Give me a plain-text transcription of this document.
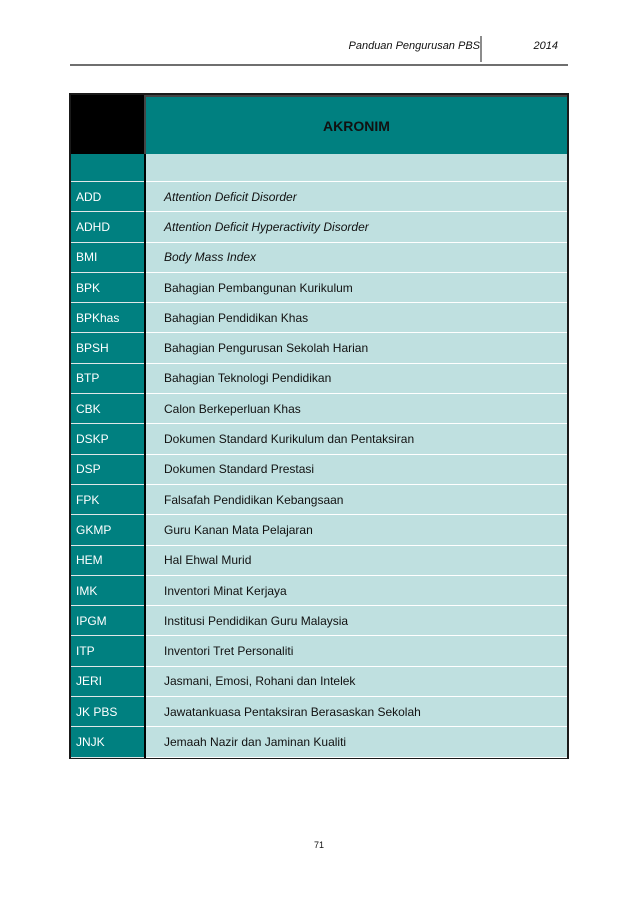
Panduan Pengurusan PBS	2014
	AKRONIM

ADD	Attention Deficit Disorder
ADHD	Attention Deficit Hyperactivity Disorder
BMI	Body Mass Index
BPK	Bahagian Pembangunan Kurikulum
BPKhas	Bahagian Pendidikan Khas
BPSH	Bahagian Pengurusan Sekolah Harian
BTP	Bahagian Teknologi Pendidikan
CBK	Calon Berkeperluan Khas
DSKP	Dokumen Standard Kurikulum dan Pentaksiran
DSP	Dokumen Standard Prestasi
FPK	Falsafah Pendidikan Kebangsaan
GKMP	Guru Kanan Mata Pelajaran
HEM	Hal Ehwal Murid
IMK	Inventori Minat Kerjaya
IPGM	Institusi Pendidikan Guru Malaysia
ITP	Inventori Tret Personaliti
JERI	Jasmani, Emosi, Rohani dan Intelek
JK PBS	Jawatankuasa Pentaksiran Berasaskan Sekolah
JNJK	Jemaah Nazir dan Jaminan Kualiti
71
